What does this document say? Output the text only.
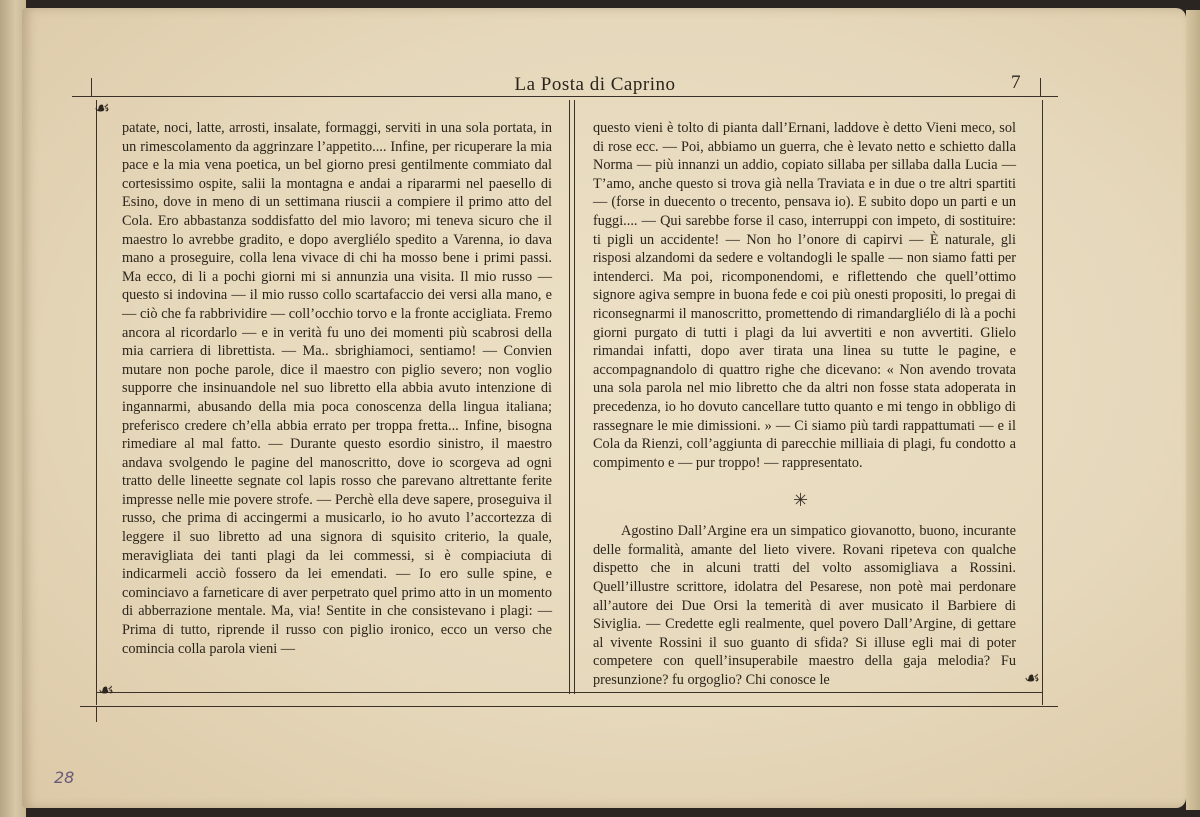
La Posta di Caprino	7
☙
☙
☙

patate, noci, latte, arrosti, insalate, formaggi, serviti in una sola portata, in un rimescolamento da aggrinzare l’appetito.... Infine, per ricuperare la mia pace e la mia vena poetica, un bel giorno presi gentilmente commiato dal cortesissimo ospite, salii la montagna e andai a ripararmi nel paesello di Esino, dove in meno di un settimana riuscii a compiere il primo atto del Cola. Ero abbastanza soddisfatto del mio lavoro; mi teneva sicuro che il maestro lo avrebbe gradito, e dopo avergliélo spedito a Varenna, io dava mano a proseguire, colla lena vivace di chi ha mosso bene i primi passi. Ma ecco, di li a pochi giorni mi si annunzia una visita. Il mio russo — questo si indovina — il mio russo collo scartafaccio dei versi alla mano, e — ciò che fa rabbrividire — coll’occhio torvo e la fronte accigliata. Fremo ancora al ricordarlo — e in verità fu uno dei momenti più scabrosi della mia carriera di librettista. — Ma.. sbrighiamoci, sentiamo! — Convien mutare non poche parole, dice il maestro con piglio severo; non voglio supporre che insinuandole nel suo libretto ella abbia avuto intenzione di ingannarmi, abusando della mia poca conoscenza della lingua italiana; preferisco credere ch’ella abbia errato per troppa fretta... Infine, bisogna rimediare al mal fatto. — Durante questo esordio sinistro, il maestro andava svolgendo le pagine del manoscritto, dove io scorgeva ad ogni tratto delle lineette segnate col lapis rosso che parevano altrettante ferite impresse nelle mie povere strofe. — Perchè ella deve sapere, proseguiva il russo, che prima di accingermi a musicarlo, io ho avuto l’accortezza di leggere il suo libretto ad una signora di squisito criterio, la quale, meravigliata dei tanti plagi da lei commessi, si è compiaciuta di indicarmeli acciò fossero da lei emendati. — Io ero sulle spine, e cominciavo a farneticare di aver perpetrato quel primo atto in un momento di abberrazione mentale. Ma, via! Sentite in che consistevano i plagi: — Prima di tutto, riprende il russo con piglio ironico, ecco un verso che comincia colla parola vieni —

questo vieni è tolto di pianta dall’Ernani, laddove è detto Vieni meco, sol di rose ecc. — Poi, abbiamo un guerra, che è levato netto e schietto dalla Norma — più innanzi un addio, copiato sillaba per sillaba dalla Lucia — T’amo, anche questo si trova già nella Traviata e in due o tre altri spartiti — (forse in duecento o trecento, pensava io). E subito dopo un parti e un fuggi.... — Qui sarebbe forse il caso, interruppi con impeto, di sostituire: ti pigli un accidente! — Non ho l’onore di capirvi — È naturale, gli risposi alzandomi da sedere e voltandogli le spalle — non siamo fatti per intenderci. Ma poi, ricomponendomi, e riflettendo che quell’ottimo signore agiva sempre in buona fede e coi più onesti propositi, lo pregai di riconsegnarmi il manoscritto, promettendo di rimandargliélo di là a pochi giorni purgato di tutti i plagi da lui avvertiti e non avvertiti. Glielo rimandai infatti, dopo aver tirata una linea su tutte le pagine, e accompagnandolo di quattro righe che dicevano: « Non avendo trovata una sola parola nel mio libretto che da altri non fosse stata adoperata in precedenza, io ho dovuto cancellare tutto quanto e mi tengo in obbligo di rassegnare le mie dimissioni. » — Ci siamo più tardi rappattumati — e il Cola da Rienzi, coll’aggiunta di parecchie milliaia di plagi, fu condotto a compimento e — pur troppo! — rappresentato.

Agostino Dall’Argine era un simpatico giovanotto, buono, incurante delle formalità, amante del lieto vivere. Rovani ripeteva con qualche dispetto che in alcuni tratti del volto assomigliava a Rossini. Quell’illustre scrittore, idolatra del Pesarese, non potè mai perdonare all’autore dei Due Orsi la temerità di aver musicato il Barbiere di Siviglia. — Credette egli realmente, quel povero Dall’Argine, di gettare al vivente Rossini il suo guanto di sfida? Si illuse egli mai di poter competere con quell’insuperabile maestro della gaja melodia? Fu presunzione? fu orgoglio? Chi conosce le

✳
28
